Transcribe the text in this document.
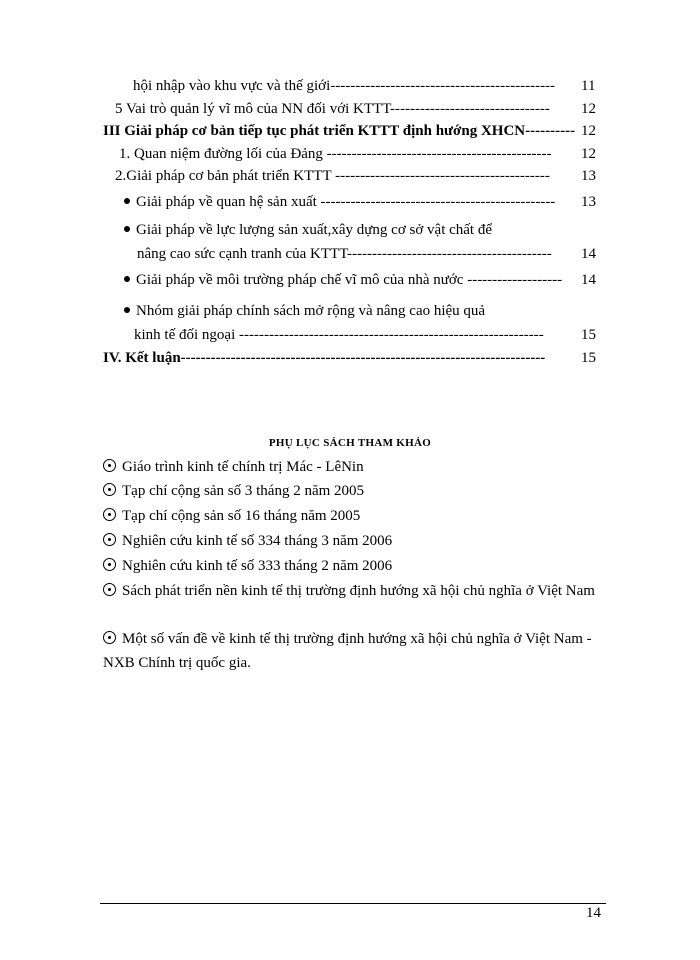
hội nhập vào khu vực và thế giới--------------------------------------------- 11
5 Vai trò quản lý vĩ mô của NN đối với KTTT-------------------------------- 12
III Giải pháp cơ bản tiếp tục phát triển KTTT định hướng XHCN---------- 12
1. Quan niệm đường lối của Đảng --------------------------------------------- 12
2.Giải pháp cơ bản phát triển KTTT ------------------------------------------- 13
Giải pháp về quan hệ sản xuất ----------------------------------------------- 13
Giải pháp về lực lượng sản xuất,xây dựng cơ sở vật chất để
nâng cao sức cạnh tranh của KTTT----------------------------------------- 14
Giải pháp về môi trường pháp chế vĩ mô của nhà nước ------------------- 14
Nhóm giải pháp chính sách mở rộng và nâng cao hiệu quả
kinh tế đối ngoại ------------------------------------------------------------- 15
IV. Kết luận------------------------------------------------------------------------- 15
PHỤ LỤC SÁCH THAM KHẢO
Giáo trình kinh tế chính trị Mác - LêNin
Tạp chí cộng sản số 3 tháng 2 năm 2005
Tạp chí cộng sản số 16 tháng năm 2005
Nghiên cứu kinh tế số 334 tháng 3 năm 2006
Nghiên cứu kinh tế số 333 tháng 2 năm 2006
Sách phát triển nền kinh tế thị trường định hướng xã hội chủ nghĩa ở Việt Nam
Một số vấn đề về kinh tế thị trường định hướng xã hội chủ nghĩa ở Việt Nam - NXB Chính trị quốc gia.
14
